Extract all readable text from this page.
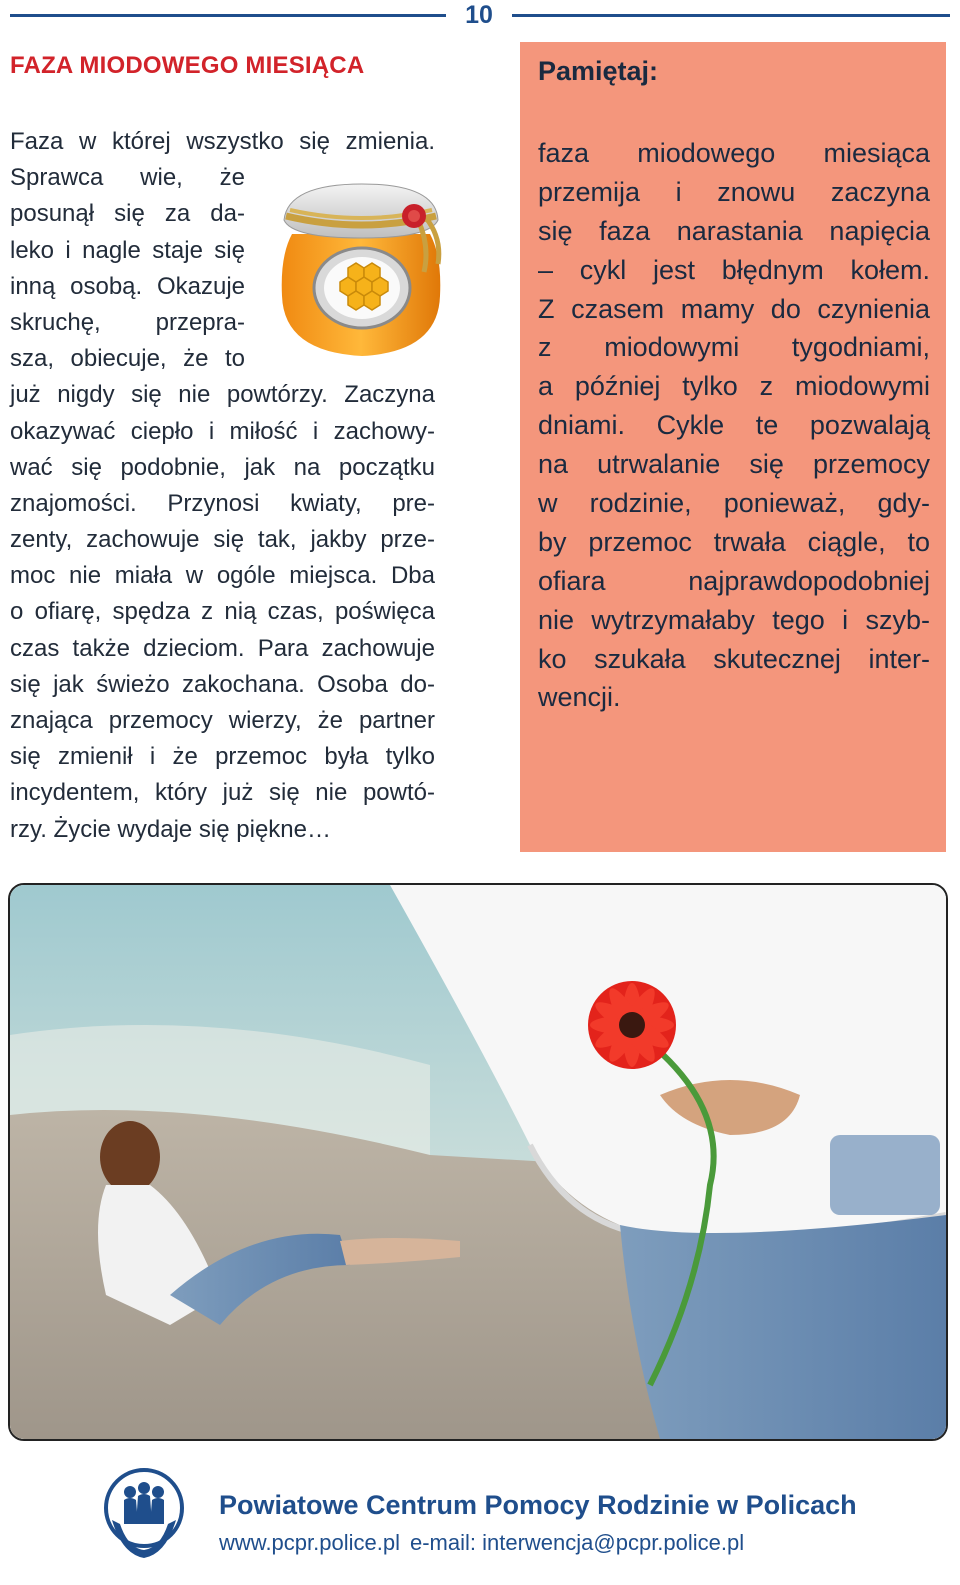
10
FAZA MIODOWEGO MIESIĄCA
Faza w której wszystko się zmienia.
Sprawca wie, że
posunął się za da-
leko i nagle staje się
inną osobą. Okazuje
skruchę, przepra-
sza, obiecuje, że to
już nigdy się nie powtórzy. Zaczyna
okazywać ciepło i miłość i zachowy-
wać się podobnie, jak na początku
znajomości. Przynosi kwiaty, pre-
zenty, zachowuje się tak, jakby prze-
moc nie miała w ogóle miejsca. Dba
o ofiarę, spędza z nią czas, poświęca
czas także dzieciom. Para zachowuje
się jak świeżo zakochana. Osoba do-
znająca przemocy wierzy, że partner
się zmienił i że przemoc była tylko
incydentem, który już się nie powtó-
rzy. Życie wydaje się piękne…
Pamiętaj:
faza miodowego miesiąca
przemija i znowu zaczyna
się faza narastania napięcia
– cykl jest błędnym kołem.
Z czasem mamy do czynienia
z miodowymi tygodniami,
a później tylko z miodowymi
dniami. Cykle te pozwalają
na utrwalanie się przemocy
w rodzinie, ponieważ, gdy-
by przemoc trwała ciągle, to
ofiara najprawdopodobniej
nie wytrzymałaby tego i szyb-
ko szukała skutecznej inter-
wencji.
Powiatowe Centrum Pomocy Rodzinie w Policach
www.pcpr.police.pl e-mail: interwencja@pcpr.police.pl
